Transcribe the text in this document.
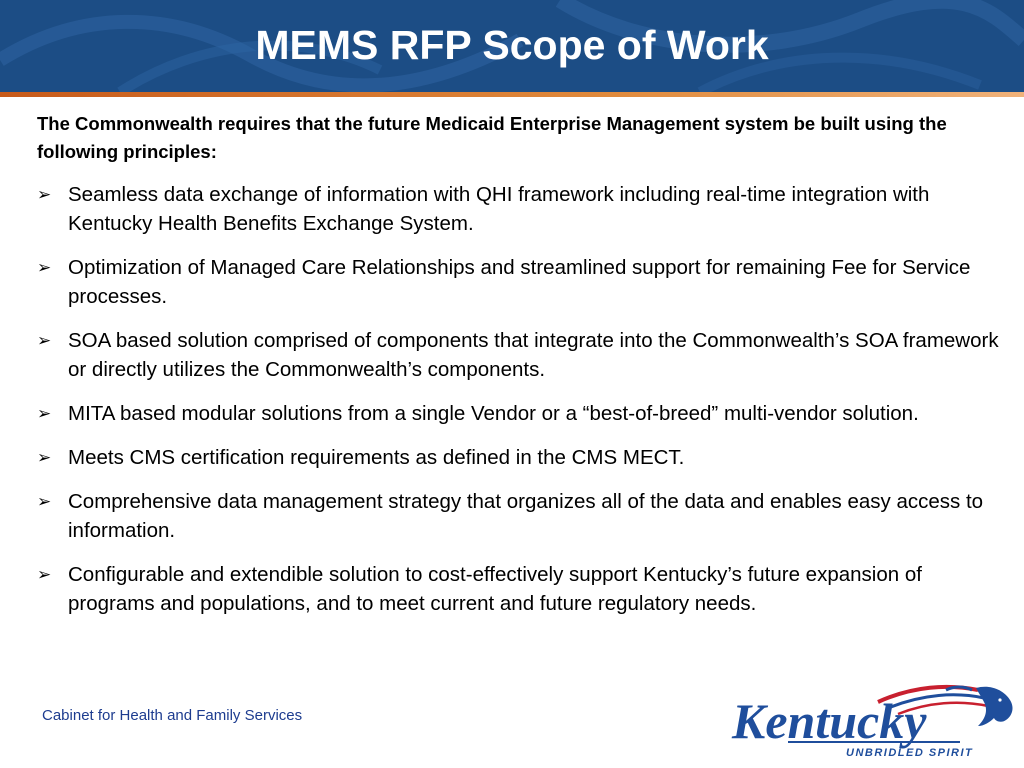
MEMS RFP Scope of Work
The Commonwealth requires that the future Medicaid Enterprise Management system be built using the following principles:
➢ Seamless data exchange of information with QHI framework including real-time integration with Kentucky Health Benefits Exchange System.
➢ Optimization of Managed Care Relationships and streamlined support for remaining Fee for Service processes.
➢ SOA based solution comprised of components that integrate into the Commonwealth’s SOA framework or directly utilizes the Commonwealth’s components.
➢ MITA based modular solutions from a single Vendor or a “best-of-breed” multi-vendor solution.
➢ Meets CMS certification requirements as defined in the CMS MECT.
➢ Comprehensive data management strategy that organizes all of the data and enables easy access to information.
➢ Configurable and extendible solution to cost-effectively support Kentucky’s future expansion of programs and populations, and to meet current and future regulatory needs.
Cabinet for Health and Family Services	Kentucky
UNBRIDLED SPIRIT
